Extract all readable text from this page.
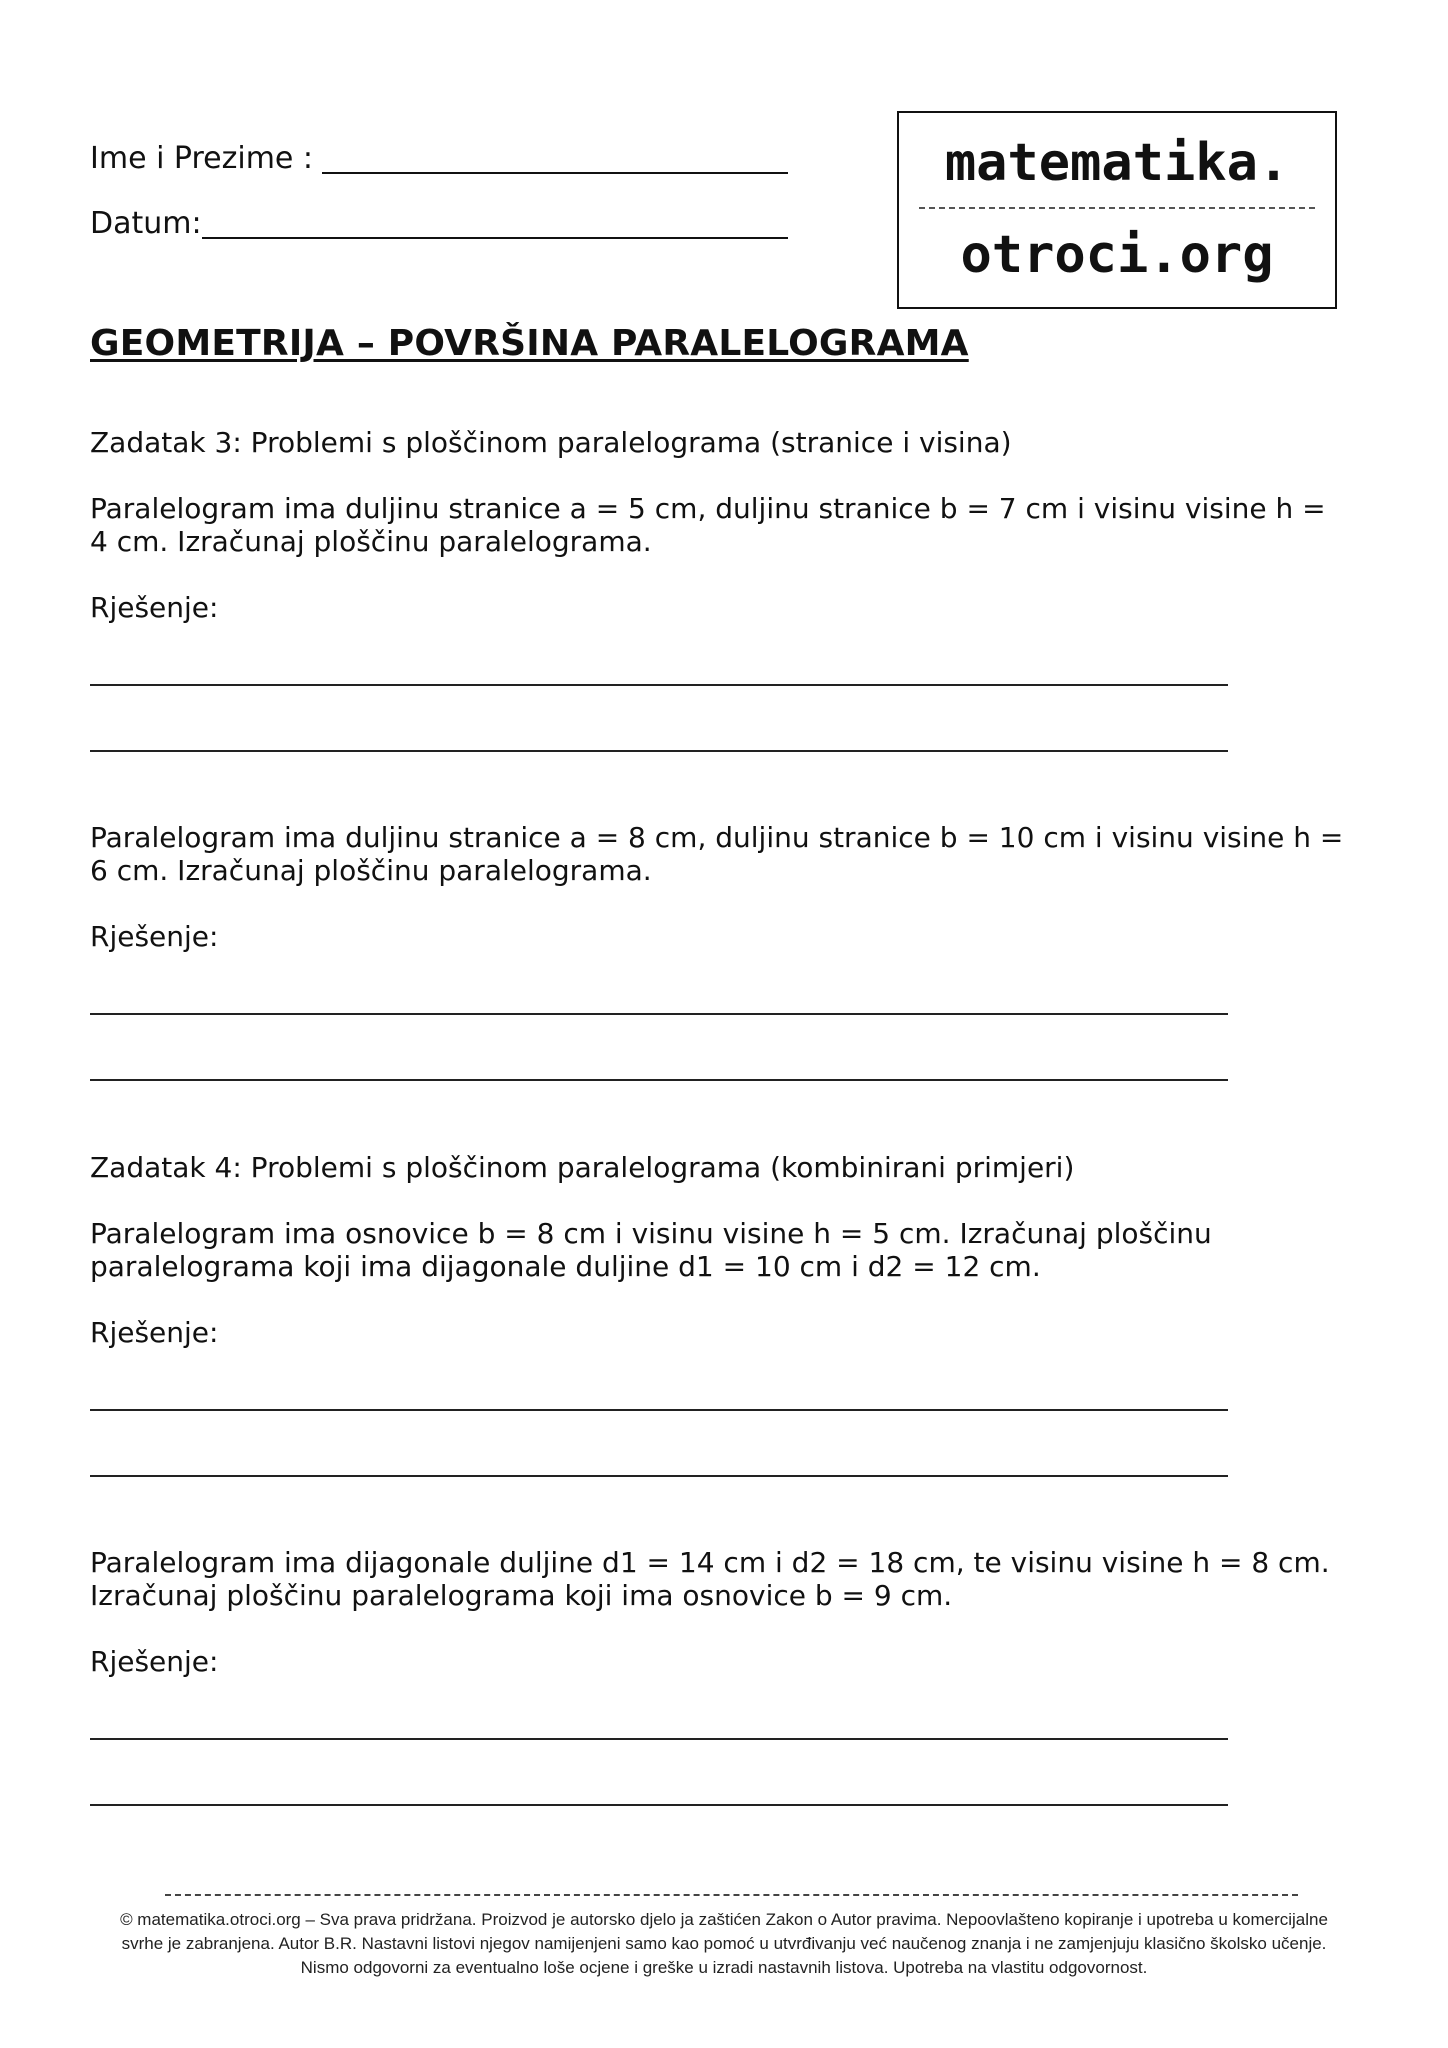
Ime i Prezime :
Datum:
matematika.
otroci.org
GEOMETRIJA – POVRŠINA PARALELOGRAMA
Zadatak 3: Problemi s ploščinom paralelograma (stranice i visina)
Paralelogram ima duljinu stranice a = 5 cm, duljinu stranice b = 7 cm i visinu visine h = 4 cm. Izračunaj ploščinu paralelograma.
Rješenje:
Paralelogram ima duljinu stranice a = 8 cm, duljinu stranice b = 10 cm i visinu visine h = 6 cm. Izračunaj ploščinu paralelograma.
Rješenje:
Zadatak 4: Problemi s ploščinom paralelograma (kombinirani primjeri)
Paralelogram ima osnovice b = 8 cm i visinu visine h = 5 cm. Izračunaj ploščinu paralelograma koji ima dijagonale duljine d1 = 10 cm i d2 = 12 cm.
Rješenje:
Paralelogram ima dijagonale duljine d1 = 14 cm i d2 = 18 cm, te visinu visine h = 8 cm. Izračunaj ploščinu paralelograma koji ima osnovice b = 9 cm.
Rješenje:
© matematika.otroci.org – Sva prava pridržana. Proizvod je autorsko djelo ja zaštićen Zakon o Autor pravima. Nepoovlašteno kopiranje i upotreba u komercijalne
svrhe je zabranjena. Autor B.R. Nastavni listovi njegov namijenjeni samo kao pomoć u utvrđivanju već naučenog znanja i ne zamjenjuju klasično školsko učenje.
Nismo odgovorni za eventualno loše ocjene i greške u izradi nastavnih listova. Upotreba na vlastitu odgovornost.
